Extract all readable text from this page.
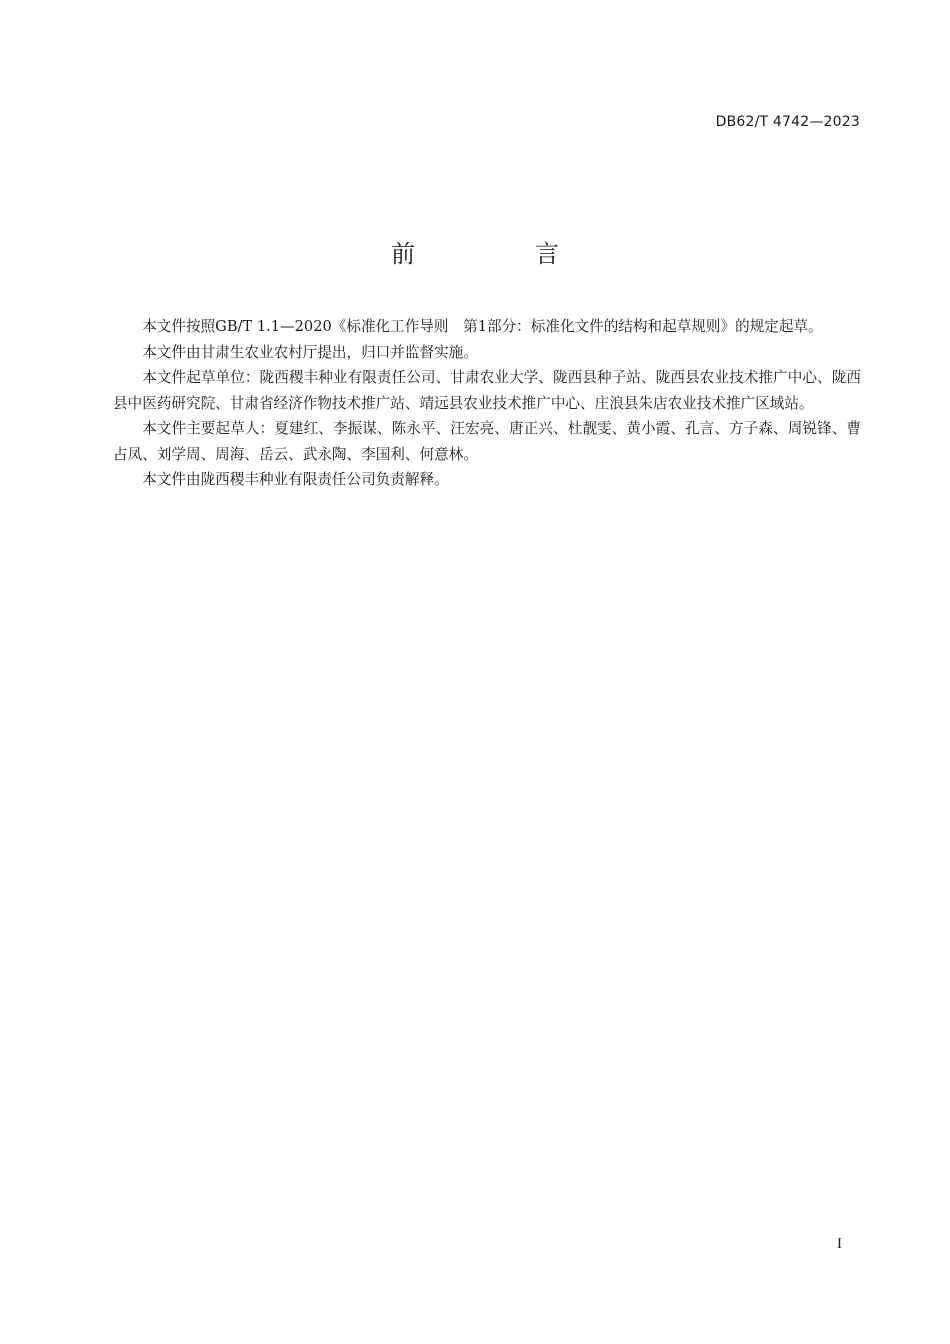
DB62/T 4742—2023
前　言

本文件按照GB/T 1.1—2020《标准化工作导则　第1部分：标准化文件的结构和起草规则》的规定起草。

本文件由甘肃生农业农村厅提出，归口并监督实施。

本文件起草单位：陇西稷丰种业有限责任公司、甘肃农业大学、陇西县种子站、陇西县农业技术推广中心、陇西县中医药研究院、甘肃省经济作物技术推广站、靖远县农业技术推广中心、庄浪县朱店农业技术推广区域站。

本文件主要起草人：夏建红、李振谋、陈永平、汪宏亮、唐正兴、杜靓雯、黄小霞、孔言、方子森、周锐锋、曹占凤、刘学周、周海、岳云、武永陶、李国利、何意林。

本文件由陇西稷丰种业有限责任公司负责解释。

I
